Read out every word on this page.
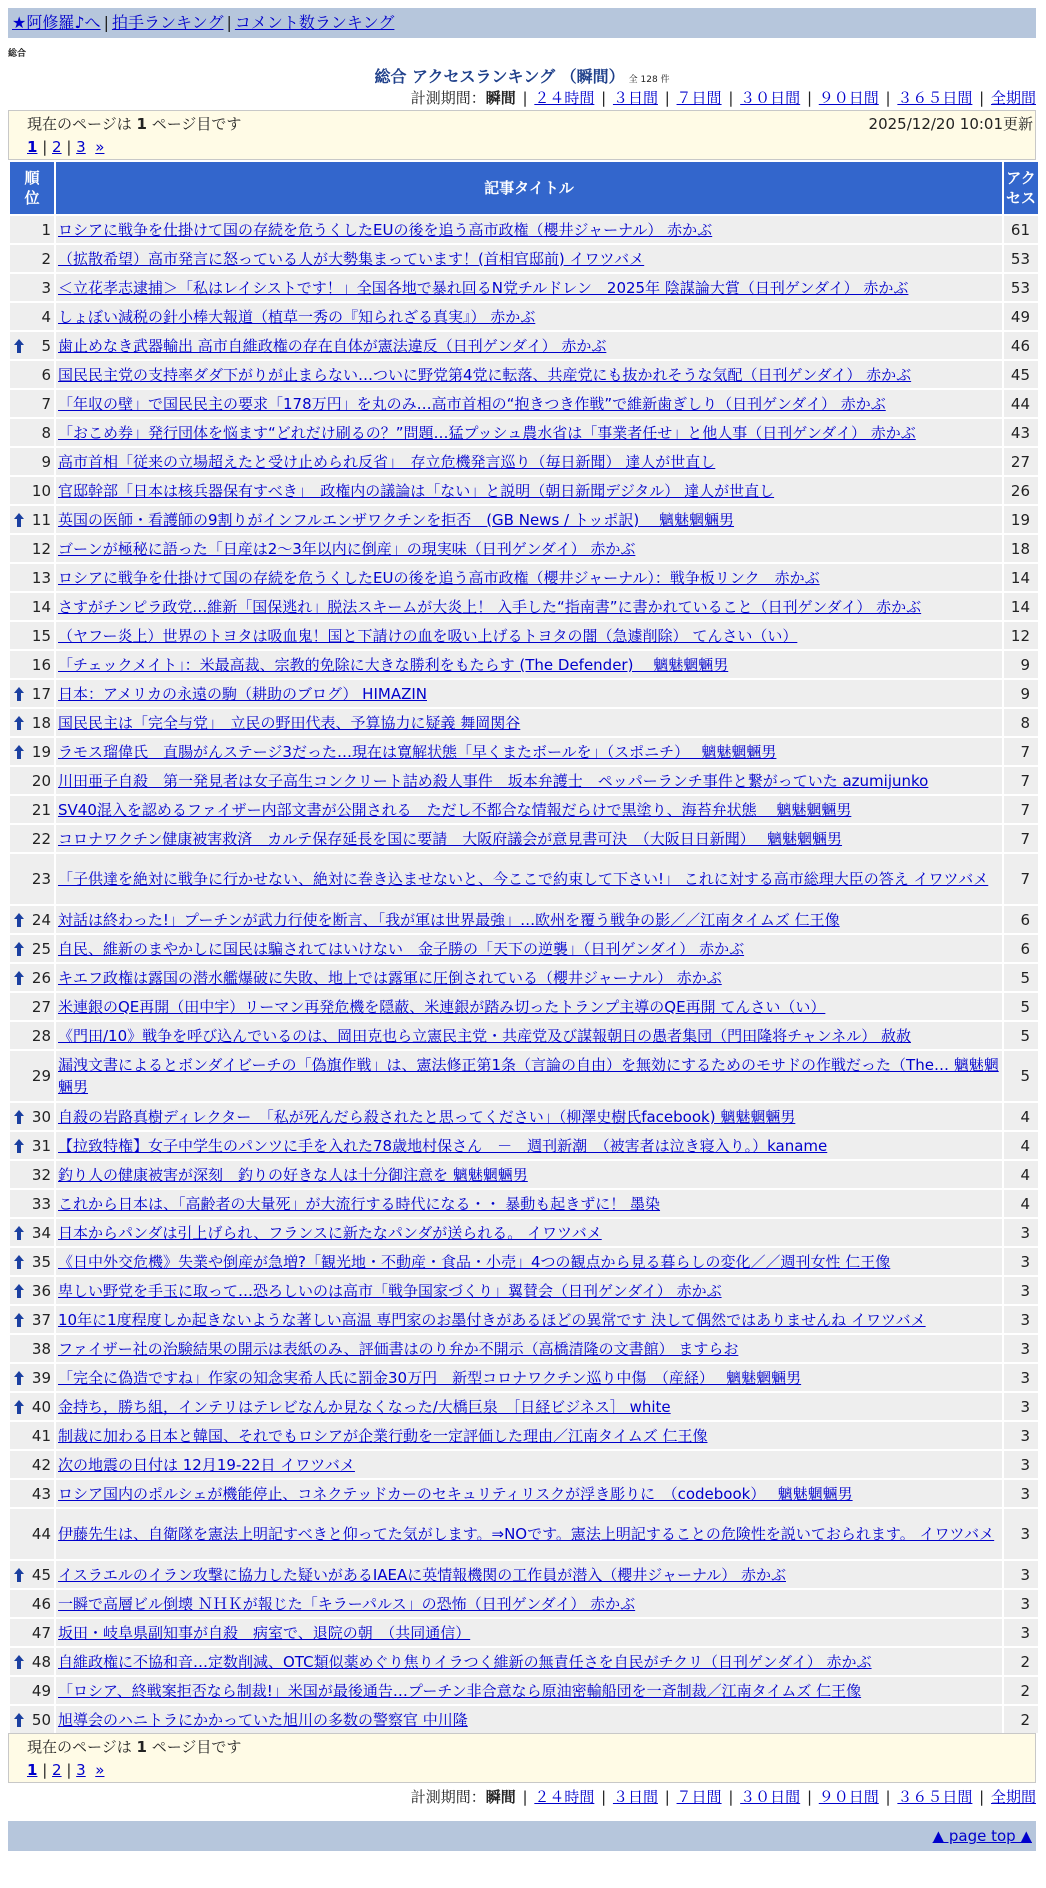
★阿修羅♪へ | 拍手ランキング | コメント数ランキング
総合
総合 アクセスランキング （瞬間） 全 128 件
計測期間：瞬間 | ２４時間 | ３日間 | ７日間 | ３０日間 | ９０日間 | ３６５日間 | 全期間
現在のページは 1 ページ目です	2025/12/20 10:01更新
1 | 2 | 3 »
順位	記事タイトル	アクセス
1	ロシアに戦争を仕掛けて国の存続を危うくしたEUの後を追う高市政権（櫻井ジャーナル） 赤かぶ	61
2	（拡散希望）高市発言に怒っている人が大勢集まっています！(首相官邸前) イワツバメ	53
3	＜立花孝志逮捕＞「私はレイシストです！」全国各地で暴れ回るN党チルドレン　2025年 陰謀論大賞（日刊ゲンダイ） 赤かぶ	53
4	しょぼい減税の針小棒大報道（植草一秀の『知られざる真実』） 赤かぶ	49

5	歯止めなき武器輸出 高市自維政権の存在自体が憲法違反（日刊ゲンダイ） 赤かぶ	46
6	国民民主党の支持率ダダ下がりが止まらない…ついに野党第4党に転落、共産党にも抜かれそうな気配（日刊ゲンダイ） 赤かぶ	45
7	「年収の壁」で国民民主の要求「178万円」を丸のみ…高市首相の“抱きつき作戦”で維新歯ぎしり（日刊ゲンダイ） 赤かぶ	44
8	「おこめ券」発行団体を悩ます“どれだけ刷るの？”問題…猛プッシュ農水省は「事業者任せ」と他人事（日刊ゲンダイ） 赤かぶ	43
9	高市首相「従来の立場超えたと受け止められ反省」　存立危機発言巡り（毎日新聞） 達人が世直し	27
10	官邸幹部「日本は核兵器保有すべき」　政権内の議論は「ない」と説明（朝日新聞デジタル） 達人が世直し	26

11	英国の医師・看護師の9割りがインフルエンザワクチンを拒否　(GB News / トッポ訳)　 魑魅魍魎男	19
12	ゴーンが極秘に語った「日産は2～3年以内に倒産」の現実味（日刊ゲンダイ） 赤かぶ	18
13	ロシアに戦争を仕掛けて国の存続を危うくしたEUの後を追う高市政権（櫻井ジャーナル）：戦争板リンク　赤かぶ	14
14	さすがチンピラ政党…維新「国保逃れ」脱法スキームが大炎上！ 入手した“指南書”に書かれていること（日刊ゲンダイ） 赤かぶ	14
15	（ヤフー炎上）世界のトヨタは吸血鬼！国と下請けの血を吸い上げるトヨタの闇（急遽削除） てんさい（い）	12
16	「チェックメイト」：米最高裁、宗教的免除に大きな勝利をもたらす (The Defender)　 魑魅魍魎男	9

17	日本：アメリカの永遠の駒（耕助のブログ） HIMAZIN	9

18	国民民主は「完全与党」　立民の野田代表、予算協力に疑義 舞岡関谷	8

19	ラモス瑠偉氏　直腸がんステージ3だった…現在は寛解状態「早くまたボールを」（スポニチ）　 魑魅魍魎男	7
20	川田亜子自殺　第一発見者は女子高生コンクリート詰め殺人事件　坂本弁護士　ペッパーランチ事件と繋がっていた azumijunko	7
21	SV40混入を認めるファイザー内部文書が公開される　ただし不都合な情報だらけで黒塗り、海苔弁状態　 魑魅魍魎男	7
22	コロナワクチン健康被害救済　カルテ保存延長を国に要請　大阪府議会が意見書可決　（大阪日日新聞）　 魑魅魍魎男	7
23	「子供達を絶対に戦争に行かせない、絶対に巻き込ませないと、今ここで約束して下さい!」 これに対する高市総理大臣の答え イワツバメ	7

24	対話は終わった!」プーチンが武力行使を断言、「我が軍は世界最強」…欧州を覆う戦争の影／／江南タイムズ 仁王像	6

25	自民、維新のまやかしに国民は騙されてはいけない　金子勝の「天下の逆襲」（日刊ゲンダイ） 赤かぶ	6

26	キエフ政権は露国の潜水艦爆破に失敗、地上では露軍に圧倒されている（櫻井ジャーナル） 赤かぶ	5
27	米連銀のQE再開（田中宇）リーマン再発危機を隠蔽、米連銀が踏み切ったトランプ主導のQE再開 てんさい（い）	5
28	《門田/10》戦争を呼び込んでいるのは、岡田克也ら立憲民主党・共産党及び謀報朝日の愚者集団（門田隆将チャンネル） 赦赦	5
29	漏洩文書によるとボンダイビーチの「偽旗作戦」は、憲法修正第1条（言論の自由）を無効にするためのモサドの作戦だった（The… 魑魅魍魎男	5

30	自殺の岩路真樹ディレクター　「私が死んだら殺されたと思ってください」（柳澤史樹氏facebook) 魑魅魍魎男	4

31	【拉致特権】女子中学生のパンツに手を入れた78歳地村保さん　－　週刊新潮　（被害者は泣き寝入り。）kaname	4
32	釣り人の健康被害が深刻　釣りの好きな人は十分御注意を 魑魅魍魎男	4
33	これから日本は、「高齢者の大量死」が大流行する時代になる・・ 暴動も起きずに！ 墨染	4

34	日本からパンダは引上げられ、フランスに新たなパンダが送られる。 イワツバメ	3

35	《日中外交危機》失業や倒産が急増?「観光地・不動産・食品・小売」4つの観点から見る暮らしの変化／／週刊女性 仁王像	3

36	卑しい野党を手玉に取って…恐ろしいのは高市「戦争国家づくり」翼賛会（日刊ゲンダイ） 赤かぶ	3

37	10年に1度程度しか起きないような著しい高温 専門家のお墨付きがあるほどの異常です 決して偶然ではありませんね イワツバメ	3
38	ファイザー社の治験結果の開示は表紙のみ、評価書はのり弁か不開示（高橋清隆の文書館） ますらお	3

39	「完全に偽造ですね」作家の知念実希人氏に罰金30万円　新型コロナワクチン巡り中傷　（産経）　 魑魅魍魎男	3

40	金持ち，勝ち組，インテリはテレビなんか見なくなった/大橋巨泉　［日経ビジネス］ white	3
41	制裁に加わる日本と韓国、それでもロシアが企業行動を一定評価した理由／江南タイムズ 仁王像	3
42	次の地震の日付は 12月19-22日 イワツバメ	3
43	ロシア国内のポルシェが機能停止、コネクテッドカーのセキュリティリスクが浮き彫りに　（codebook）　 魑魅魍魎男	3
44	伊藤先生は、自衛隊を憲法上明記すべきと仰ってた気がします。⇒NOです。憲法上明記することの危険性を説いておられます。 イワツバメ	3

45	イスラエルのイラン攻撃に協力した疑いがあるIAEAに英情報機関の工作員が潜入（櫻井ジャーナル） 赤かぶ	3
46	一瞬で高層ビル倒壊 ＮＨＫが報じた「キラーパルス」の恐怖（日刊ゲンダイ） 赤かぶ	3
47	坂田・岐阜県副知事が自殺　病室で、退院の朝　（共同通信）	3

48	自維政権に不協和音…定数削減、OTC類似薬めぐり焦りイラつく維新の無責任さを自民がチクリ（日刊ゲンダイ） 赤かぶ	2
49	「ロシア、終戦案拒否なら制裁!」米国が最後通告…プーチン非合意なら原油密輸船団を一斉制裁／江南タイムズ 仁王像	2

50	旭導会のハニトラにかかっていた旭川の多数の警察官 中川隆	2
現在のページは 1 ページ目です
1 | 2 | 3 »
計測期間：瞬間 | ２４時間 | ３日間 | ７日間 | ３０日間 | ９０日間 | ３６５日間 | 全期間
▲ page top ▲
